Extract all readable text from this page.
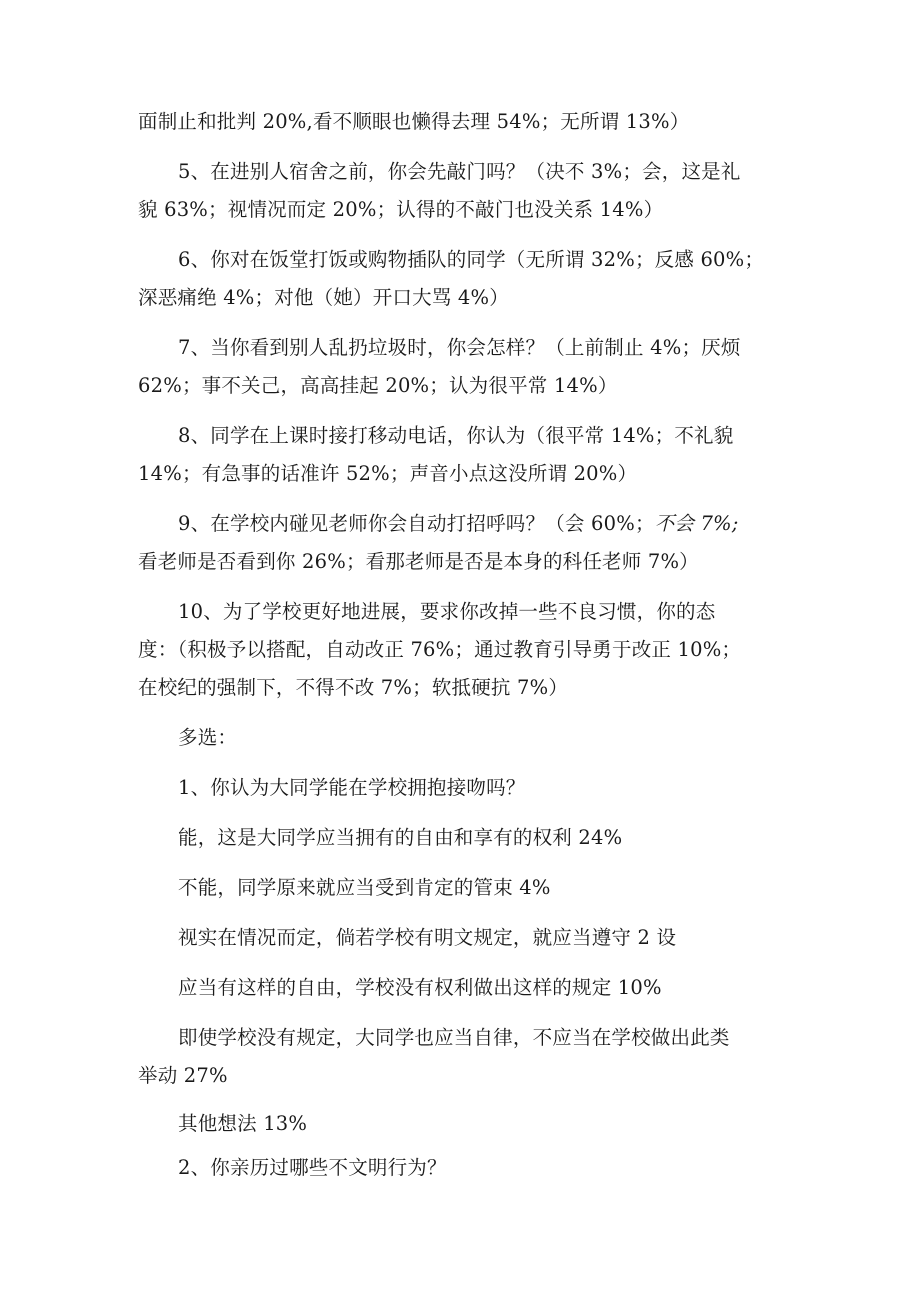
面制止和批判 20%,看不顺眼也懒得去理 54%；无所谓 13%）
5、在进别人宿舍之前，你会先敲门吗？（决不 3%；会，这是礼
貌 63%；视情况而定 20%；认得的不敲门也没关系 14%）
6、你对在饭堂打饭或购物插队的同学（无所谓 32%；反感 60%；
深恶痛绝 4%；对他（她）开口大骂 4%）
7、当你看到别人乱扔垃圾时，你会怎样？（上前制止 4%；厌烦
62%；事不关己，高高挂起 20%；认为很平常 14%）
8、同学在上课时接打移动电话，你认为（很平常 14%；不礼貌
14%；有急事的话准许 52%；声音小点这没所谓 20%）
9、在学校内碰见老师你会自动打招呼吗？（会 60%；不会 7%;
看老师是否看到你 26%；看那老师是否是本身的科任老师 7%）
10、为了学校更好地进展，要求你改掉一些不良习惯，你的态
度：（积极予以搭配，自动改正 76%；通过教育引导勇于改正 10%；
在校纪的强制下，不得不改 7%；软抵硬抗 7%）
多选：
1、你认为大同学能在学校拥抱接吻吗？
能，这是大同学应当拥有的自由和享有的权利 24%
不能，同学原来就应当受到肯定的管束 4%
视实在情况而定，倘若学校有明文规定，就应当遵守 2 设
应当有这样的自由，学校没有权利做出这样的规定 10%
即使学校没有规定，大同学也应当自律，不应当在学校做出此类
举动 27%
其他想法 13%
2、你亲历过哪些不文明行为？
